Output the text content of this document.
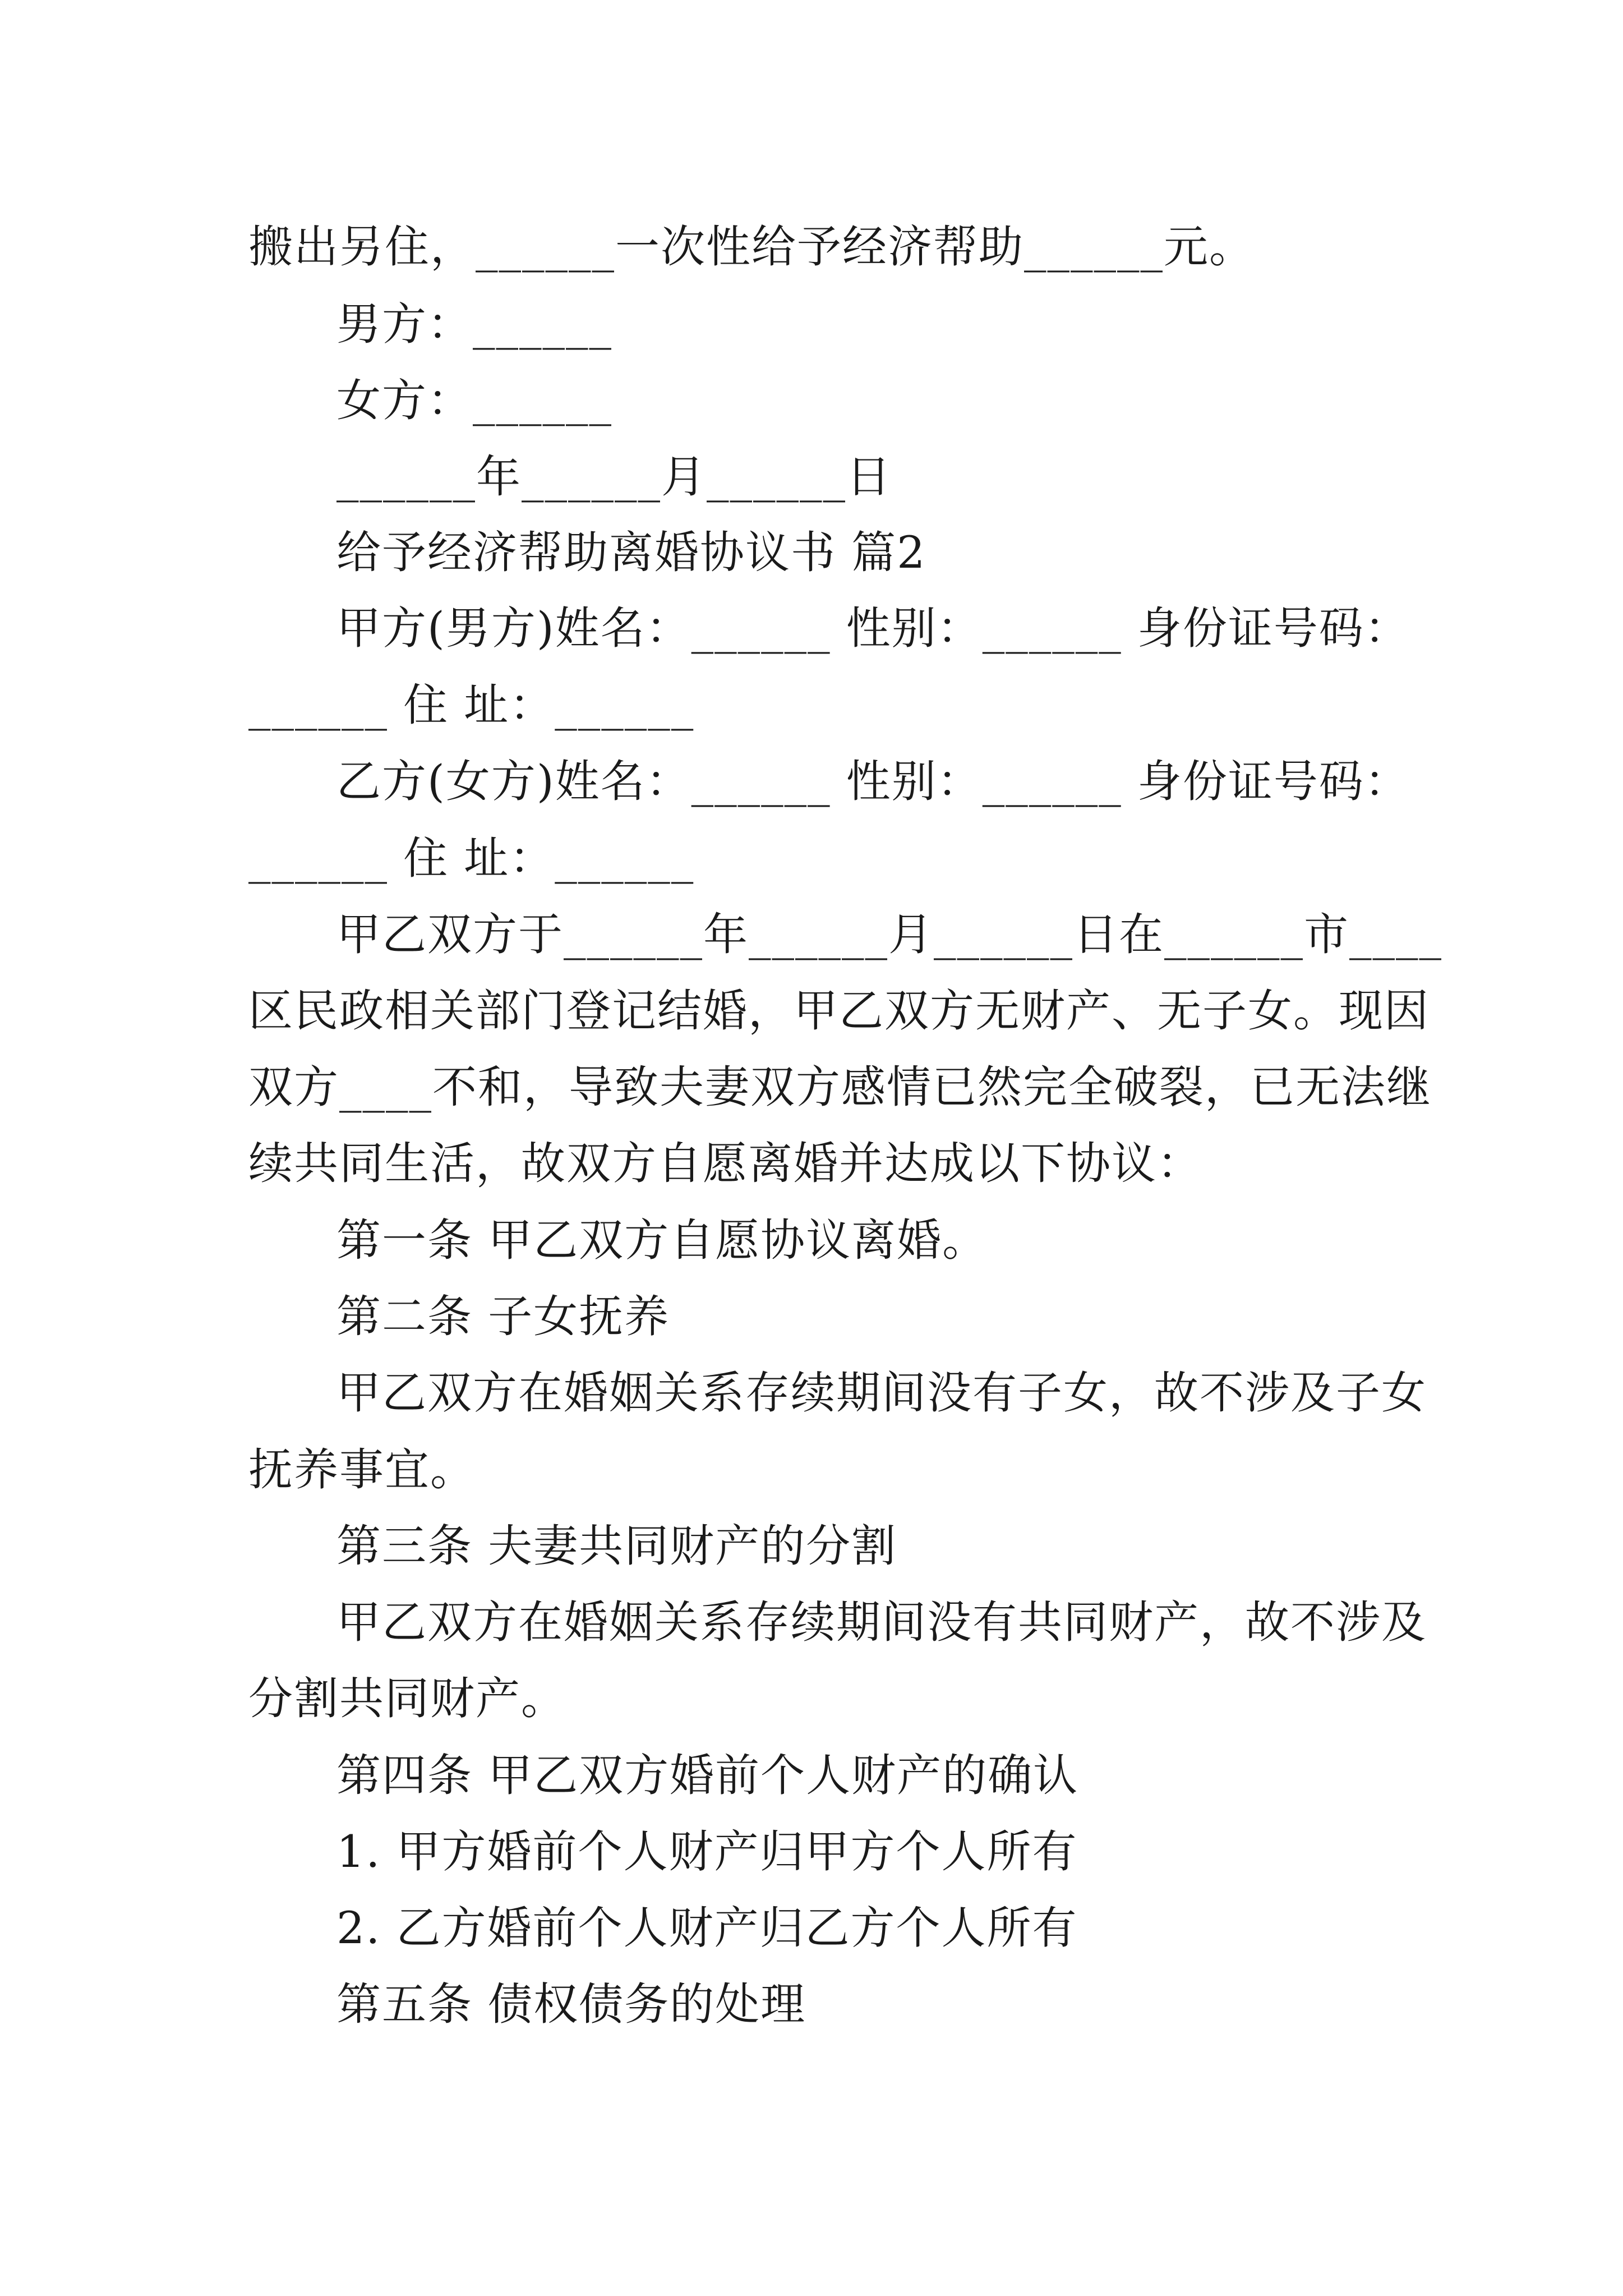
搬出另住，______一次性给予经济帮助______元。
男方：______
女方：______
______年______月______日
给予经济帮助离婚协议书 篇2
甲方(男方)姓名：______ 性别：______ 身份证号码：
______ 住 址：______
乙方(女方)姓名：______ 性别：______ 身份证号码：
______ 住 址：______
甲乙双方于______年______月______日在______市____
区民政相关部门登记结婚，甲乙双方无财产、无子女。现因
双方____不和，导致夫妻双方感情已然完全破裂，已无法继
续共同生活，故双方自愿离婚并达成以下协议：
第一条 甲乙双方自愿协议离婚。
第二条 子女抚养
甲乙双方在婚姻关系存续期间没有子女，故不涉及子女
抚养事宜。
第三条 夫妻共同财产的分割
甲乙双方在婚姻关系存续期间没有共同财产，故不涉及
分割共同财产。
第四条 甲乙双方婚前个人财产的确认
1. 甲方婚前个人财产归甲方个人所有
2. 乙方婚前个人财产归乙方个人所有
第五条 债权债务的处理
